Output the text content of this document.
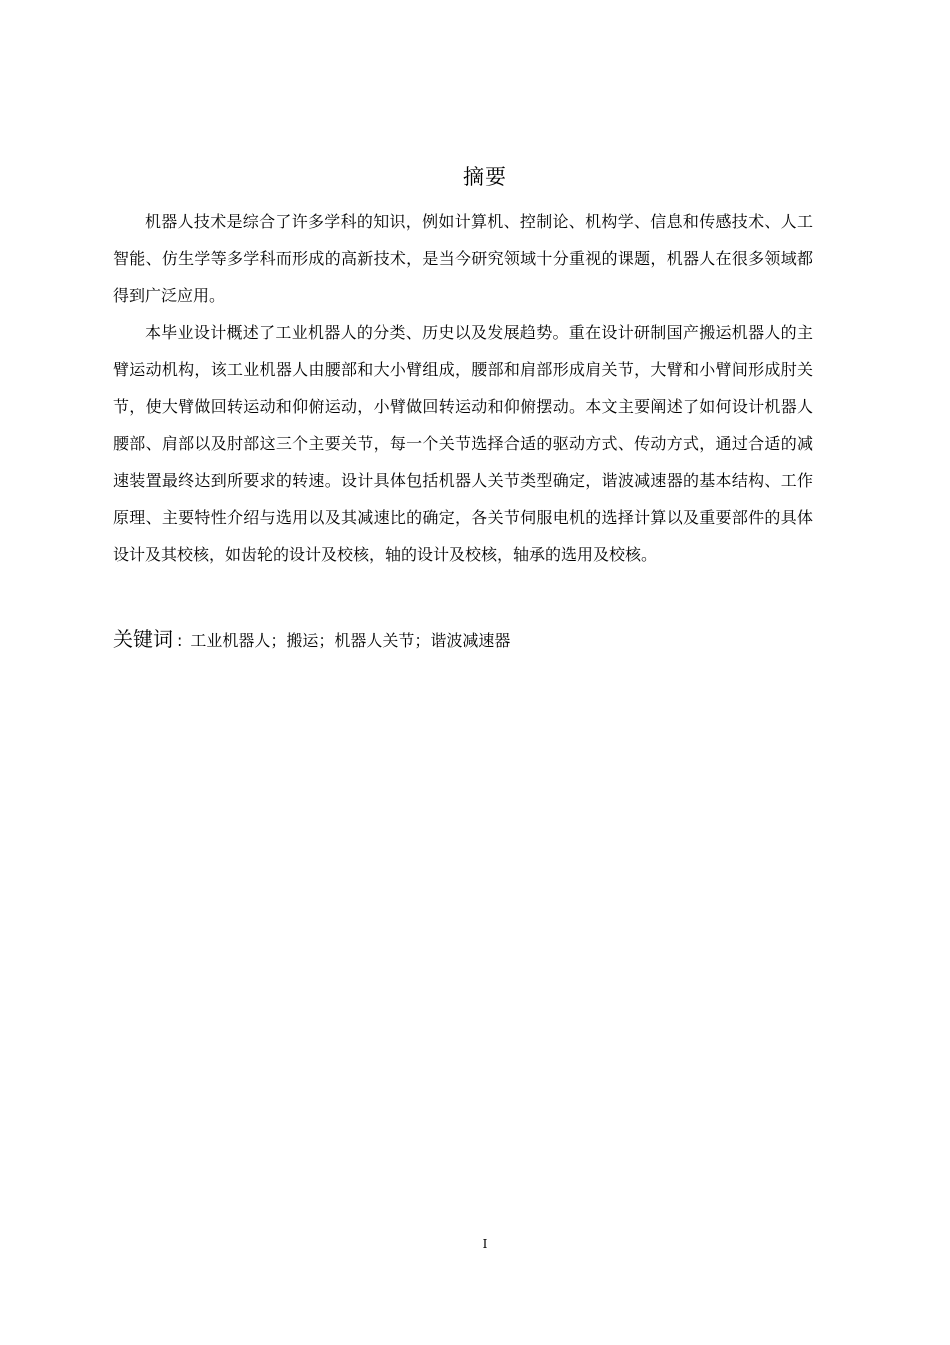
摘要

机器人技术是综合了许多学科的知识，例如计算机、控制论、机构学、信息和传感技术、人工智能、仿生学等多学科而形成的高新技术，是当今研究领域十分重视的课题，机器人在很多领域都得到广泛应用。

本毕业设计概述了工业机器人的分类、历史以及发展趋势。重在设计研制国产搬运机器人的主臂运动机构，该工业机器人由腰部和大小臂组成，腰部和肩部形成肩关节，大臂和小臂间形成肘关节，使大臂做回转运动和仰俯运动，小臂做回转运动和仰俯摆动。本文主要阐述了如何设计机器人腰部、肩部以及肘部这三个主要关节，每一个关节选择合适的驱动方式、传动方式，通过合适的减速装置最终达到所要求的转速。设计具体包括机器人关节类型确定，谐波减速器的基本结构、工作原理、主要特性介绍与选用以及其减速比的确定，各关节伺服电机的选择计算以及重要部件的具体设计及其校核，如齿轮的设计及校核，轴的设计及校核，轴承的选用及校核。

关键词 : 工业机器人；搬运；机器人关节；谐波减速器
I
